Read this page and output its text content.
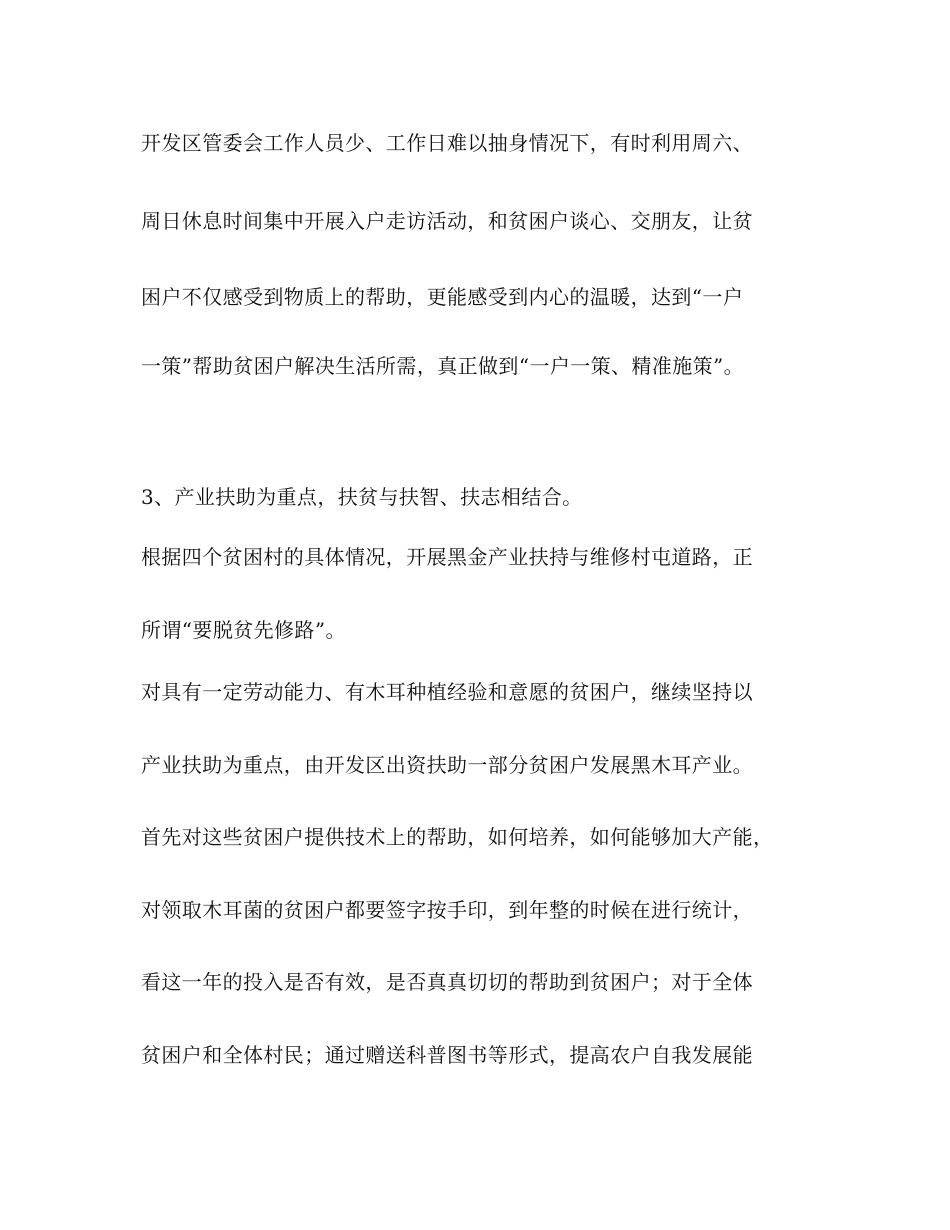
开发区管委会工作人员少、工作日难以抽身情况下，有时利用周六、
周日休息时间集中开展入户走访活动，和贫困户谈心、交朋友，让贫
困户不仅感受到物质上的帮助，更能感受到内心的温暖，达到“一户
一策”帮助贫困户解决生活所需，真正做到“一户一策、精准施策”。
3、产业扶助为重点，扶贫与扶智、扶志相结合。
根据四个贫困村的具体情况，开展黑金产业扶持与维修村屯道路，正
所谓“要脱贫先修路”。
对具有一定劳动能力、有木耳种植经验和意愿的贫困户，继续坚持以
产业扶助为重点，由开发区出资扶助一部分贫困户发展黑木耳产业。
首先对这些贫困户提供技术上的帮助，如何培养，如何能够加大产能，
对领取木耳菌的贫困户都要签字按手印，到年整的时候在进行统计，
看这一年的投入是否有效，是否真真切切的帮助到贫困户；对于全体
贫困户和全体村民；通过赠送科普图书等形式，提高农户自我发展能
